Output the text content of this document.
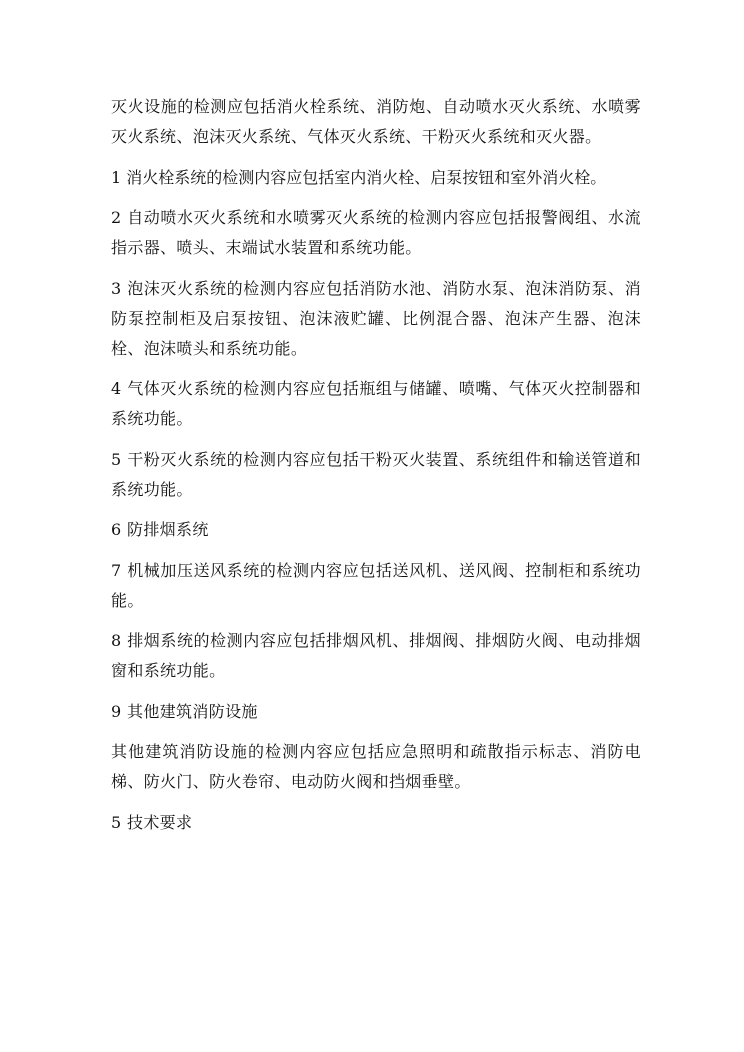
灭火设施的检测应包括消火栓系统、消防炮、自动喷水灭火系统、水喷雾灭火系统、泡沫灭火系统、气体灭火系统、干粉灭火系统和灭火器。

1 消火栓系统的检测内容应包括室内消火栓、启泵按钮和室外消火栓。

2 自动喷水灭火系统和水喷雾灭火系统的检测内容应包括报警阀组、水流指示器、喷头、末端试水装置和系统功能。

3 泡沫灭火系统的检测内容应包括消防水池、消防水泵、泡沫消防泵、消防泵控制柜及启泵按钮、泡沫液贮罐、比例混合器、泡沫产生器、泡沫栓、泡沫喷头和系统功能。

4 气体灭火系统的检测内容应包括瓶组与储罐、喷嘴、气体灭火控制器和系统功能。

5 干粉灭火系统的检测内容应包括干粉灭火装置、系统组件和输送管道和系统功能。

6 防排烟系统

7 机械加压送风系统的检测内容应包括送风机、送风阀、控制柜和系统功能。

8 排烟系统的检测内容应包括排烟风机、排烟阀、排烟防火阀、电动排烟窗和系统功能。

9 其他建筑消防设施

其他建筑消防设施的检测内容应包括应急照明和疏散指示标志、消防电梯、防火门、防火卷帘、电动防火阀和挡烟垂壁。

5 技术要求
